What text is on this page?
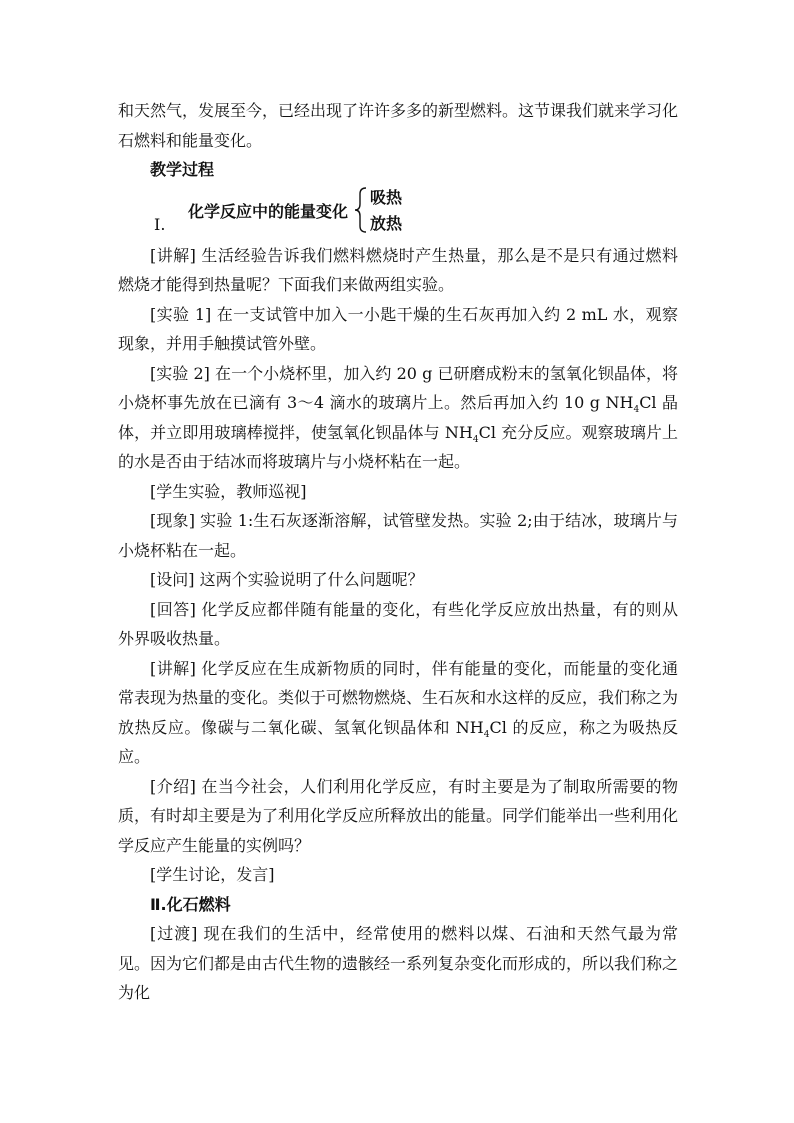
和天然气，发展至今，已经出现了许许多多的新型燃料。这节课我们就来学习化石燃料和能量变化。

教学过程

Ⅰ.
化学反应中的能量变化
吸热
放热

[讲解] 生活经验告诉我们燃料燃烧时产生热量，那么是不是只有通过燃料燃烧才能得到热量呢？下面我们来做两组实验。

[实验 1] 在一支试管中加入一小匙干燥的生石灰再加入约 2 mL 水，观察现象，并用手触摸试管外壁。

[实验 2] 在一个小烧杯里，加入约 20 g 已研磨成粉末的氢氧化钡晶体，将小烧杯事先放在已滴有 3～4 滴水的玻璃片上。然后再加入约 10 g $NH_4Cl$ 晶体，并立即用玻璃棒搅拌，使氢氧化钡晶体与 $NH_4Cl$ 充分反应。观察玻璃片上的水是否由于结冰而将玻璃片与小烧杯粘在一起。

[学生实验，教师巡视]

[现象] 实验 1:生石灰逐渐溶解，试管壁发热。实验 2;由于结冰，玻璃片与小烧杯粘在一起。

[设问] 这两个实验说明了什么问题呢？

[回答] 化学反应都伴随有能量的变化，有些化学反应放出热量，有的则从外界吸收热量。

[讲解] 化学反应在生成新物质的同时，伴有能量的变化，而能量的变化通常表现为热量的变化。类似于可燃物燃烧、生石灰和水这样的反应，我们称之为放热反应。像碳与二氧化碳、氢氧化钡晶体和 $NH_4Cl$ 的反应，称之为吸热反应。

[介绍] 在当今社会，人们利用化学反应，有时主要是为了制取所需要的物质，有时却主要是为了利用化学反应所释放出的能量。同学们能举出一些利用化学反应产生能量的实例吗？

[学生讨论，发言]

Ⅱ.化石燃料

[过渡] 现在我们的生活中，经常使用的燃料以煤、石油和天然气最为常见。因为它们都是由古代生物的遗骸经一系列复杂变化而形成的，所以我们称之为化
